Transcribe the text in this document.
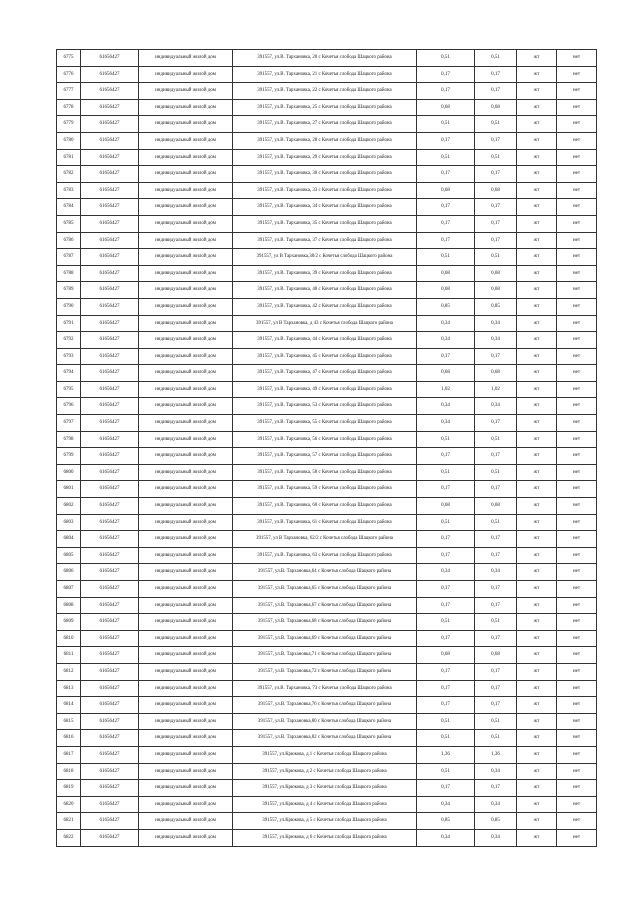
6775	61656427	индивидуальный жилой дом	391557, ул.В. Тархановка, 20 с Кочетья слобода Шацкого района	0,51	0,51	жт	нет
6776	61656427	индивидуальный жилой дом	391557, ул.В. Тархановка, 21 с Кочетья слобода Шацкого района	0,17	0,17	жт	нет
6777	61656427	индивидуальный жилой дом	391557, ул.В. Тархановка, 22 с Кочетья слобода Шацкого района	0,17	0,17	жт	нет
6778	61656427	индивидуальный жилой дом	391557, ул.В. Тархановка, 25 с Кочетья слобода Шацкого района	0,68	0,68	жт	нет
6779	61656427	индивидуальный жилой дом	391557, ул.В. Тархановка, 27 с Кочетья слобода Шацкого района	0,51	0,51	жт	нет
6780	61656427	индивидуальный жилой дом	391557, ул.В. Тархановка, 28 с Кочетья слобода Шацкого района	0,17	0,17	жт	нет
6781	61656427	индивидуальный жилой дом	391557, ул.В. Тархановка, 29 с Кочетья слобода Шацкого района	0,51	0,51	жт	нет
6782	61656427	индивидуальный жилой дом	391557, ул.В. Тархановка, 30 с Кочетья слобода Шацкого района	0,17	0,17	жт	нет
6783	61656427	индивидуальный жилой дом	391557, ул.В. Тархановка, 33 с Кочетья слобода Шацкого района	0,68	0,68	жт	нет
6784	61656427	индивидуальный жилой дом	391557, ул.В. Тархановка, 34 с Кочетья слобода Шацкого района	0,17	0,17	жт	нет
6785	61656427	индивидуальный жилой дом	391557, ул.В. Тархановка, 35 с Кочетья слобода Шацкого района	0,17	0,17	жт	нет
6786	61656427	индивидуальный жилой дом	391557, ул.В. Тархановка, 37 с Кочетья слобода Шацкого района	0,17	0,17	жт	нет
6787	61656427	индивидуальный жилой дом	391557, ул В Тархановка,38/2 с Кочетья слобода Шацкого района	0,51	0,51	жт	нет
6788	61656427	индивидуальный жилой дом	391557, ул.В. Тархановка, 39 с Кочетья слобода Шацкого района	0,68	0,68	жт	нет
6789	61656427	индивидуальный жилой дом	391557, ул.В. Тархановка, 40 с Кочетья слобода Шацкого района	0,68	0,68	жт	нет
6790	61656427	индивидуальный жилой дом	391557, ул.В. Тархановка, 42 с Кочетья слобода Шацкого района	0,85	0,85	жт	нет
6791	61656427	индивидуальный жилой дом	391557, ул В Тархановка, д 43 с Кочетья слобода Шацкого района	0,34	0,34	жт	нет
6792	61656427	индивидуальный жилой дом	391557, ул.В. Тархановка, 44 с Кочетья слобода Шацкого района	0,34	0,34	жт	нет
6793	61656427	индивидуальный жилой дом	391557, ул.В. Тархановка, 45 с Кочетья слобода Шацкого района	0,17	0,17	жт	нет
6794	61656427	индивидуальный жилой дом	391557, ул.В. Тархановка, 47 с Кочетья слобода Шацкого района	0,68	0,68	жт	нет
6795	61656427	индивидуальный жилой дом	391557, ул.В. Тархановка, 49 с Кочетья слобода Шацкого района	1,02	1,02	жт	нет
6796	61656427	индивидуальный жилой дом	391557, ул.В. Тархановка, 53 с Кочетья слобода Шацкого района	0,34	0,34	жт	нет
6797	61656427	индивидуальный жилой дом	391557, ул.В. Тархановка, 55 с Кочетья слобода Шацкого района	0,34	0,17	жт	нет
6798	61656427	индивидуальный жилой дом	391557, ул.В. Тархановка, 56 с Кочетья слобода Шацкого района	0,51	0,51	жт	нет
6799	61656427	индивидуальный жилой дом	391557, ул.В. Тархановка, 57 с Кочетья слобода Шацкого района	0,17	0,17	жт	нет
6800	61656427	индивидуальный жилой дом	391557, ул.В. Тархановка, 58 с Кочетья слобода Шацкого района	0,51	0,51	жт	нет
6801	61656427	индивидуальный жилой дом	391557, ул.В. Тархановка, 59 с Кочетья слобода Шацкого района	0,17	0,17	жт	нет
6802	61656427	индивидуальный жилой дом	391557, ул.В. Тархановка, 60 с Кочетья слобода Шацкого района	0,68	0,68	жт	нет
6803	61656427	индивидуальный жилой дом	391557, ул.В. Тархановка, 61 с Кочетья слобода Шацкого района	0,51	0,51	жт	нет
6804	61656427	индивидуальный жилой дом	391557, ул В Тархановка, 62/2 с Кочетья слобода Шацкого района	0,17	0,17	жт	нет
6805	61656427	индивидуальный жилой дом	391557, ул.В. Тархановка, 63 с Кочетья слобода Шацкого района	0,17	0,17	жт	нет
6806	61656427	индивидуальный жилой дом	391557, ул.В. Тархановка,64 с Кочетья слобода Шацкого района	0,34	0,34	жт	нет
6807	61656427	индивидуальный жилой дом	391557, ул.В. Тархановка,65 с Кочетья слобода Шацкого района	0,17	0,17	жт	нет
6808	61656427	индивидуальный жилой дом	391557, ул.В. Тархановка,67 с Кочетья слобода Шацкого района	0,17	0,17	жт	нет
6809	61656427	индивидуальный жилой дом	391557, ул.В. Тархановка,68 с Кочетья слобода Шацкого района	0,51	0,51	жт	нет
6810	61656427	индивидуальный жилой дом	391557, ул.В. Тархановка,69 с Кочетья слобода Шацкого района	0,17	0,17	жт	нет
6811	61656427	индивидуальный жилой дом	391557, ул.В. Тархановка,71 с Кочетья слобода Шацкого района	0,68	0,68	жт	нет
6812	61656427	индивидуальный жилой дом	391557, ул.В. Тархановка,72 с Кочетья слобода Шацкого района	0,17	0,17	жт	нет
6813	61656427	индивидуальный жилой дом	391557, ул.В. Тархановка, 73 с Кочетья слобода Шацкого района	0,17	0,17	жт	нет
6814	61656427	индивидуальный жилой дом	391557, ул.В. Тархановка,76 с Кочетья слобода Шацкого района	0,17	0,17	жт	нет
6815	61656427	индивидуальный жилой дом	391557, ул.В. Тархановка,80 с Кочетья слобода Шацкого района	0,51	0,51	жт	нет
6816	61656427	индивидуальный жилой дом	391557, ул.В. Тархановка,82 с Кочетья слобода Шацкого района	0,51	0,51	жт	нет
6817	61656427	индивидуальный жилой дом	391557, ул.Крюкова, д 1 с Кочетья слобода Шацкого района	1,36	1,36	жт	нет
6818	61656427	индивидуальный жилой дом	391557, ул.Крюкова, д 2 с Кочетья слобода Шацкого района	0,51	0,34	жт	нет
6819	61656427	индивидуальный жилой дом	391557, ул.Крюкова, д 3 с Кочетья слобода Шацкого района	0,17	0,17	жт	нет
6820	61656427	индивидуальный жилой дом	391557, ул.Крюкова, д 4 с Кочетья слобода Шацкого района	0,34	0,34	жт	нет
6821	61656427	индивидуальный жилой дом	391557, ул.Крюкова, д 5 с Кочетья слобода Шацкого района	0,85	0,85	жт	нет
6822	61656427	индивидуальный жилой дом	391557, ул.Крюкова, д 6 с Кочетья слобода Шацкого района	0,34	0,34	жт	нет
